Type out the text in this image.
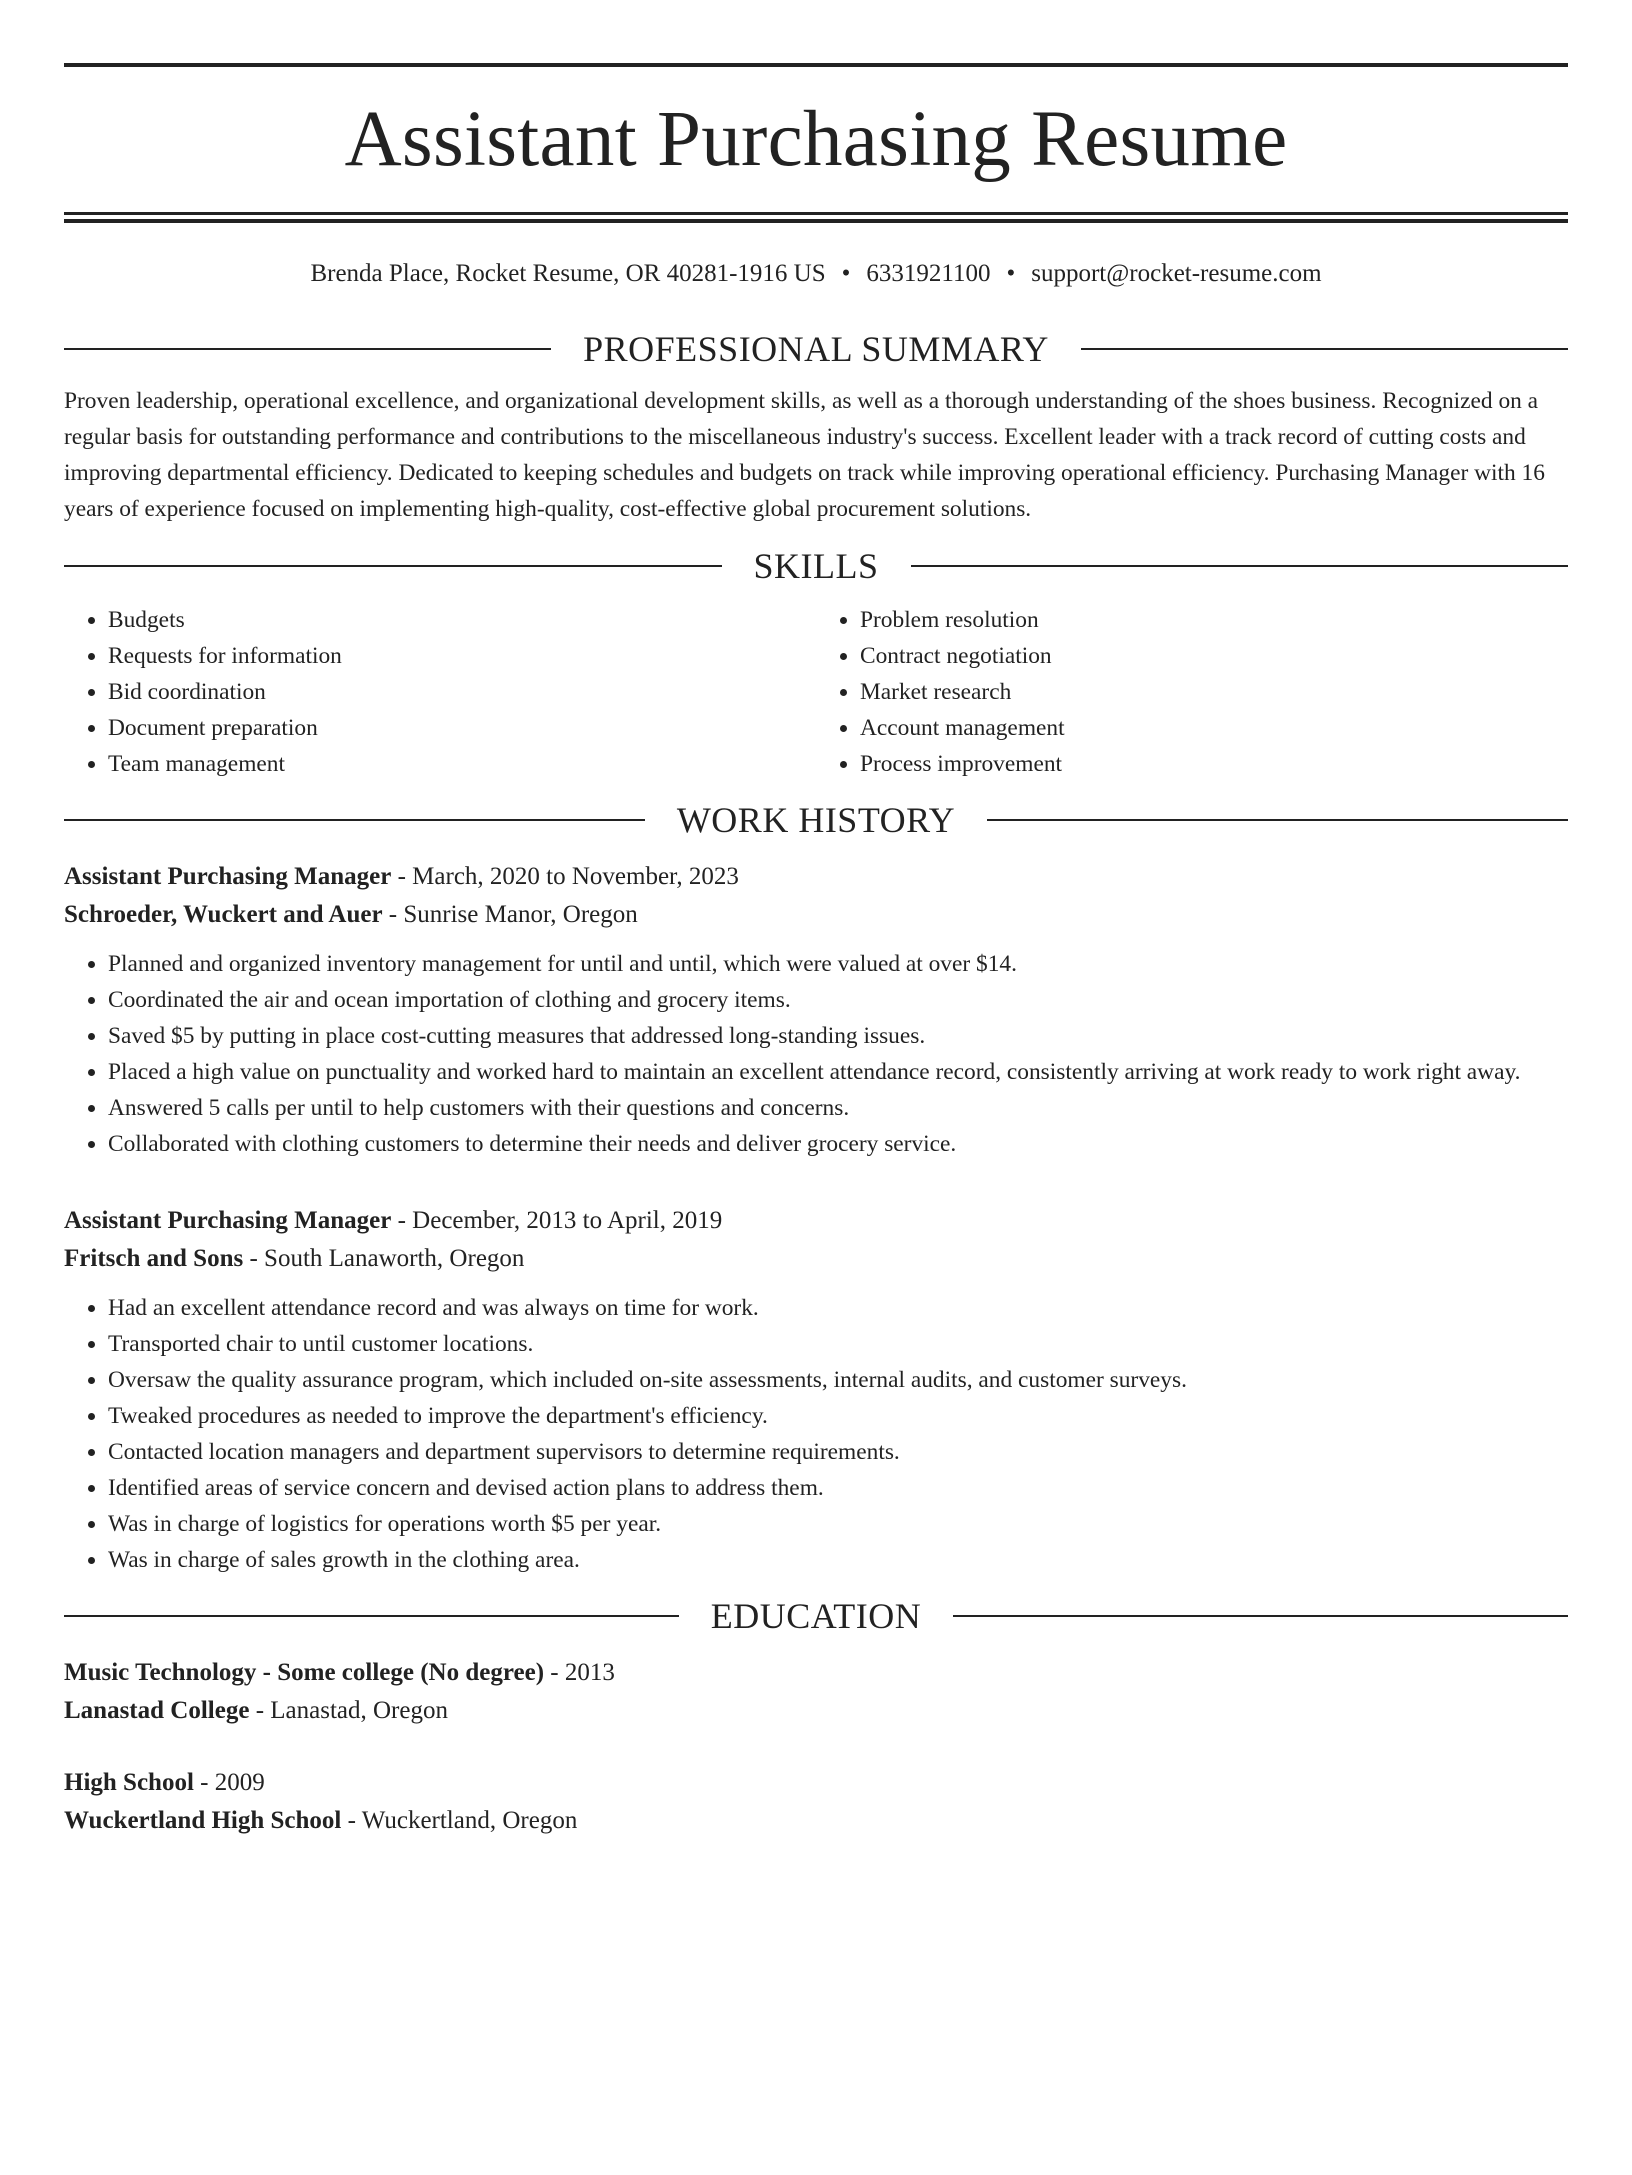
Assistant Purchasing Resume
Brenda Place, Rocket Resume, OR 40281-1916 US • 6331921100 • support@rocket-resume.com
PROFESSIONAL SUMMARY
Proven leadership, operational excellence, and organizational development skills, as well as a thorough understanding of the shoes business. Recognized on a regular basis for outstanding performance and contributions to the miscellaneous industry's success. Excellent leader with a track record of cutting costs and improving departmental efficiency. Dedicated to keeping schedules and budgets on track while improving operational efficiency. Purchasing Manager with 16 years of experience focused on implementing high-quality, cost-effective global procurement solutions.
SKILLS
• Budgets
• Requests for information
• Bid coordination
• Document preparation
• Team management
• Problem resolution
• Contract negotiation
• Market research
• Account management
• Process improvement
WORK HISTORY
Assistant Purchasing Manager - March, 2020 to November, 2023
Schroeder, Wuckert and Auer - Sunrise Manor, Oregon
• Planned and organized inventory management for until and until, which were valued at over $14.
• Coordinated the air and ocean importation of clothing and grocery items.
• Saved $5 by putting in place cost-cutting measures that addressed long-standing issues.
• Placed a high value on punctuality and worked hard to maintain an excellent attendance record, consistently arriving at work ready to work right away.
• Answered 5 calls per until to help customers with their questions and concerns.
• Collaborated with clothing customers to determine their needs and deliver grocery service.
Assistant Purchasing Manager - December, 2013 to April, 2019
Fritsch and Sons - South Lanaworth, Oregon
• Had an excellent attendance record and was always on time for work.
• Transported chair to until customer locations.
• Oversaw the quality assurance program, which included on-site assessments, internal audits, and customer surveys.
• Tweaked procedures as needed to improve the department's efficiency.
• Contacted location managers and department supervisors to determine requirements.
• Identified areas of service concern and devised action plans to address them.
• Was in charge of logistics for operations worth $5 per year.
• Was in charge of sales growth in the clothing area.
EDUCATION
Music Technology - Some college (No degree) - 2013
Lanastad College - Lanastad, Oregon
High School - 2009
Wuckertland High School - Wuckertland, Oregon
